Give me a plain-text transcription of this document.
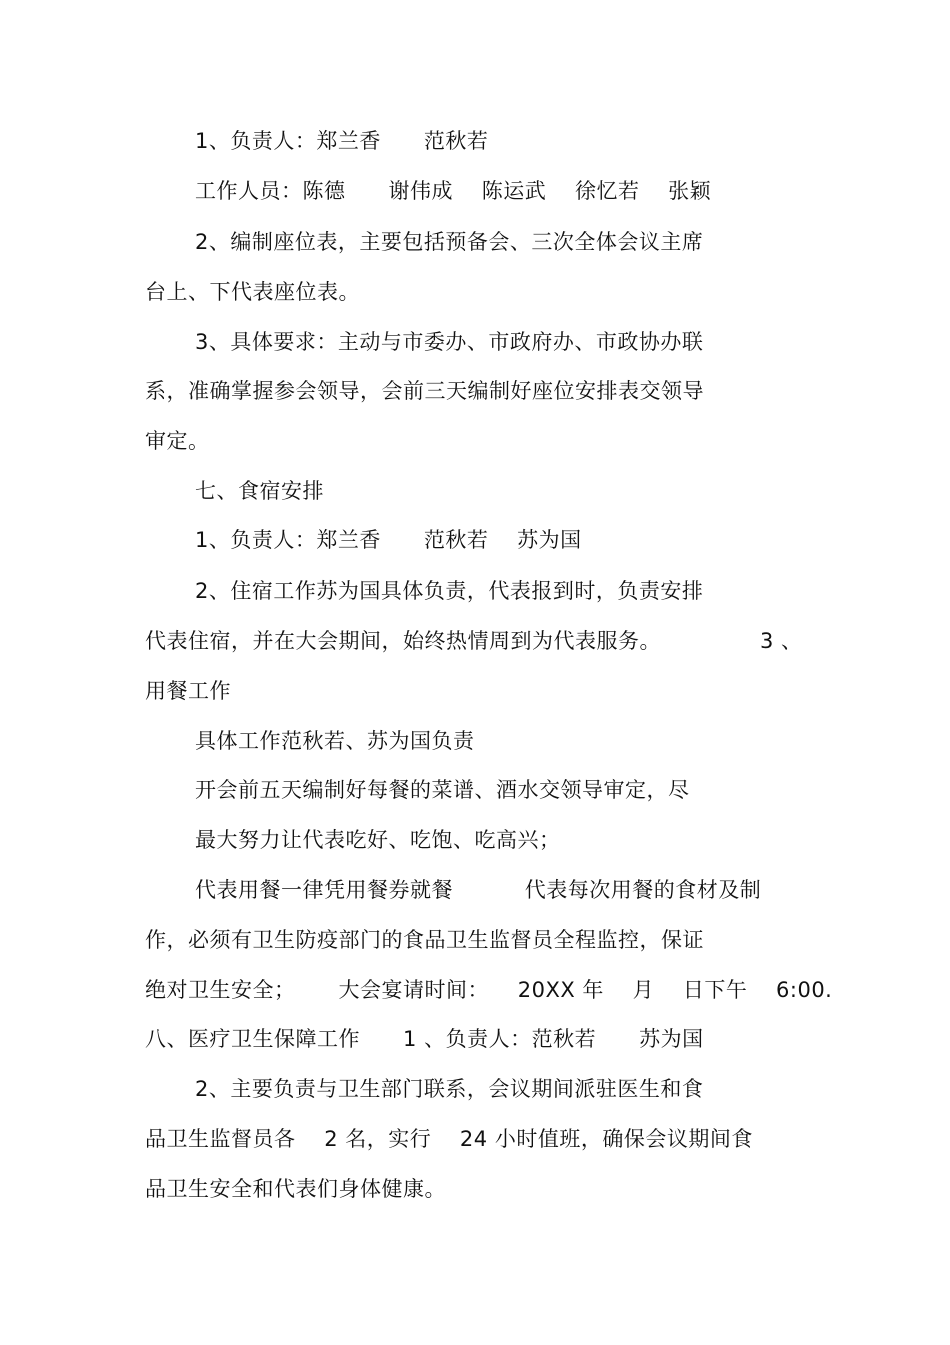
1、负责人：郑兰香      范秋若
工作人员：陈德      谢伟成    陈运武    徐忆若    张颖
2、编制座位表，主要包括预备会、三次全体会议主席
台上、下代表座位表。
3、具体要求：主动与市委办、市政府办、市政协办联
系，准确掌握参会领导，会前三天编制好座位安排表交领导
审定。
七、食宿安排
1、负责人：郑兰香      范秋若    苏为国
2、住宿工作苏为国具体负责，代表报到时，负责安排
代表住宿，并在大会期间，始终热情周到为代表服务。	3 、
用餐工作
具体工作范秋若、苏为国负责
开会前五天编制好每餐的菜谱、酒水交领导审定，尽
最大努力让代表吃好、吃饱、吃高兴；
代表用餐一律凭用餐券就餐          代表每次用餐的食材及制
作，必须有卫生防疫部门的食品卫生监督员全程监控，保证
绝对卫生安全；      大会宴请时间：    20XX 年    月    日下午    6:00.
八、医疗卫生保障工作      1 、负责人：范秋若      苏为国
2、主要负责与卫生部门联系，会议期间派驻医生和食
品卫生监督员各    2 名，实行    24 小时值班，确保会议期间食
品卫生安全和代表们身体健康。
